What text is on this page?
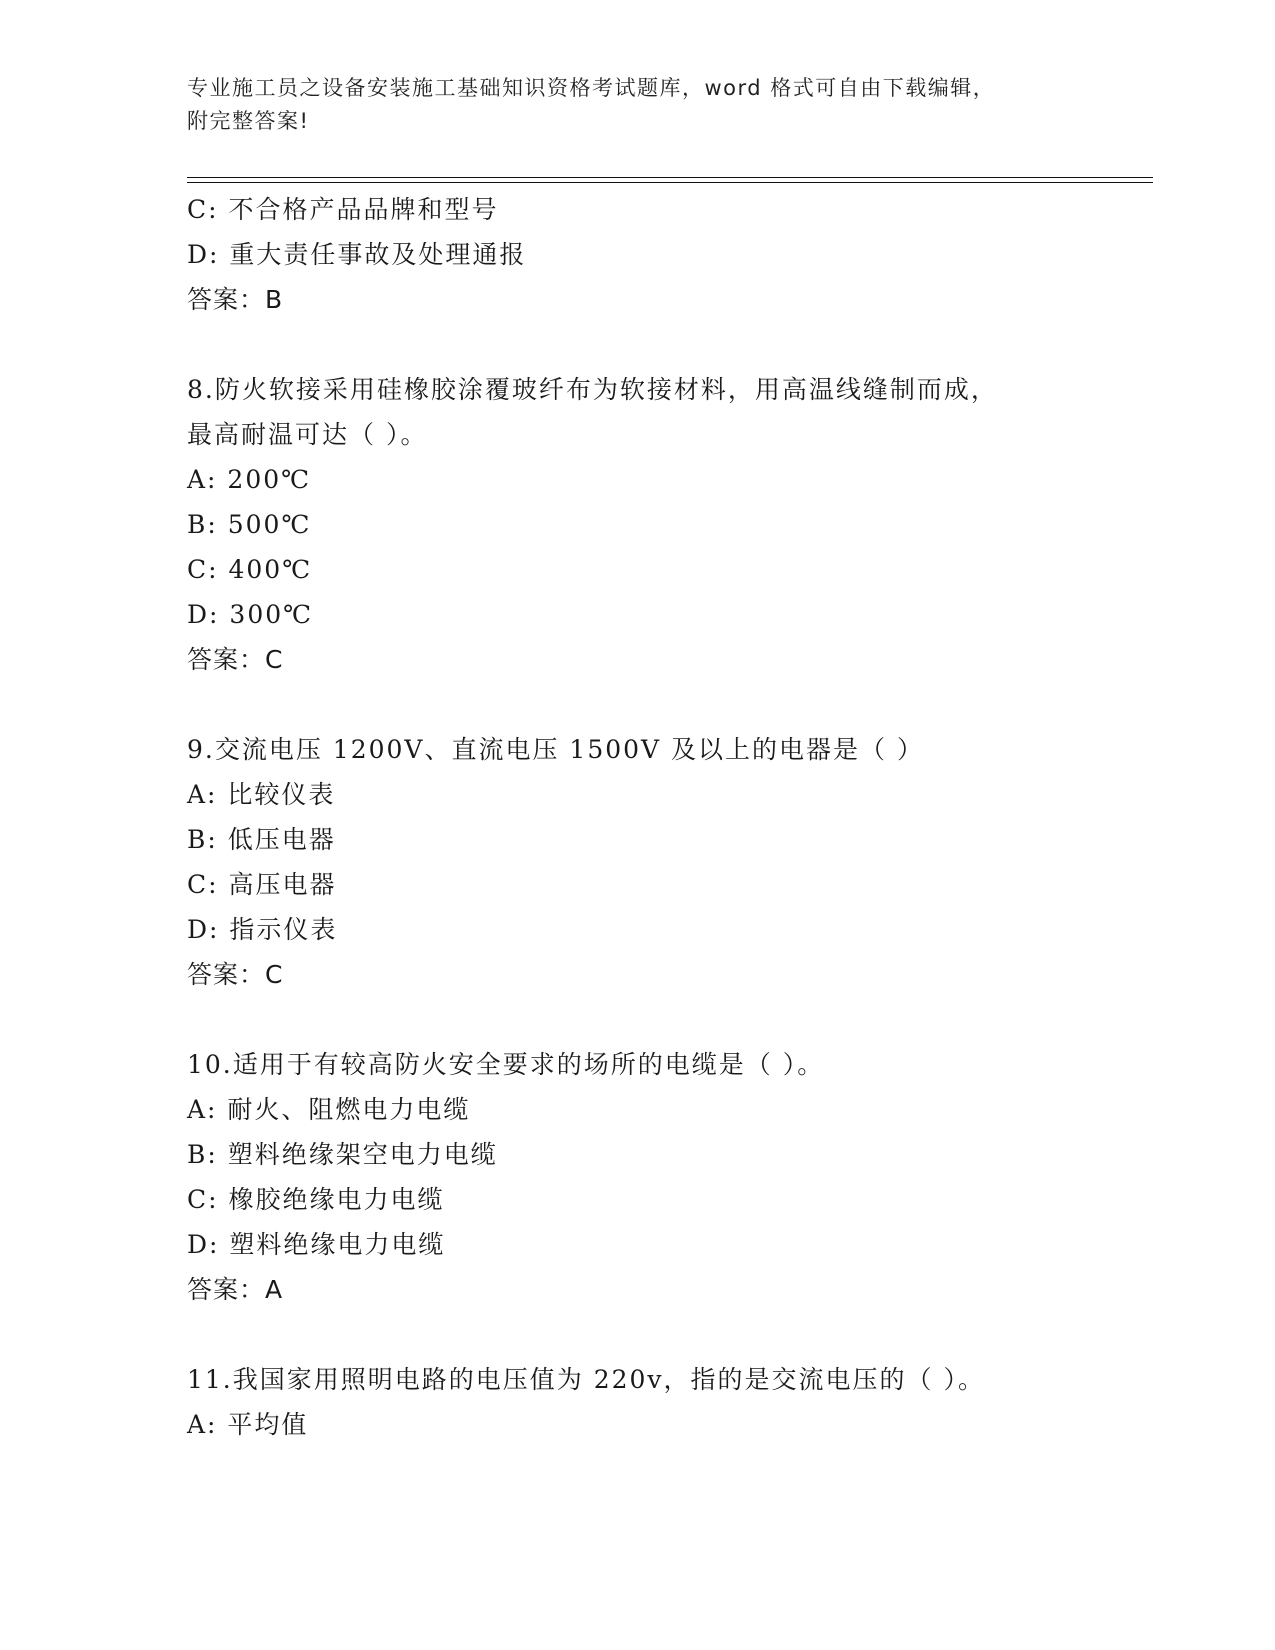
专业施工员之设备安装施工基础知识资格考试题库，word 格式可自由下载编辑，
附完整答案!
C: 不合格产品品牌和型号
D: 重大责任事故及处理通报
答案：B
8.防火软接采用硅橡胶涂覆玻纤布为软接材料，用高温线缝制而成，
最高耐温可达（ ）。
A: 200℃
B: 500℃
C: 400℃
D: 300℃
答案：C
9.交流电压 1200V、直流电压 1500V 及以上的电器是（ ）
A: 比较仪表
B: 低压电器
C: 高压电器
D: 指示仪表
答案：C
10.适用于有较高防火安全要求的场所的电缆是（ ）。
A: 耐火、阻燃电力电缆
B: 塑料绝缘架空电力电缆
C: 橡胶绝缘电力电缆
D: 塑料绝缘电力电缆
答案：A
11.我国家用照明电路的电压值为 220v，指的是交流电压的（ ）。
A: 平均值
